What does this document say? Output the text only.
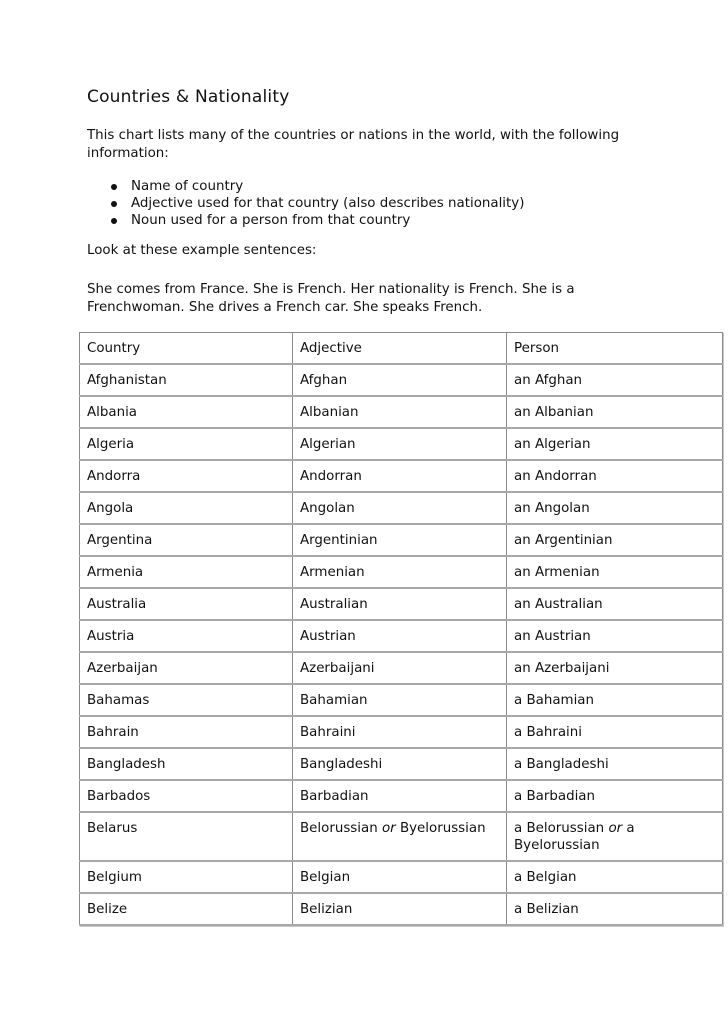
Countries & Nationality

This chart lists many of the countries or nations in the world, with the following information:

Name of country
Adjective used for that country (also describes nationality)
Noun used for a person from that country

Look at these example sentences:

She comes from France. She is French. Her nationality is French. She is a Frenchwoman. She drives a French car. She speaks French.

Country	Adjective	Person
Afghanistan	Afghan	an Afghan
Albania	Albanian	an Albanian
Algeria	Algerian	an Algerian
Andorra	Andorran	an Andorran
Angola	Angolan	an Angolan
Argentina	Argentinian	an Argentinian
Armenia	Armenian	an Armenian
Australia	Australian	an Australian
Austria	Austrian	an Austrian
Azerbaijan	Azerbaijani	an Azerbaijani
Bahamas	Bahamian	a Bahamian
Bahrain	Bahraini	a Bahraini
Bangladesh	Bangladeshi	a Bangladeshi
Barbados	Barbadian	a Barbadian
Belarus	Belorussian or Byelorussian	a Belorussian or a
Byelorussian
Belgium	Belgian	a Belgian
Belize	Belizian	a Belizian
